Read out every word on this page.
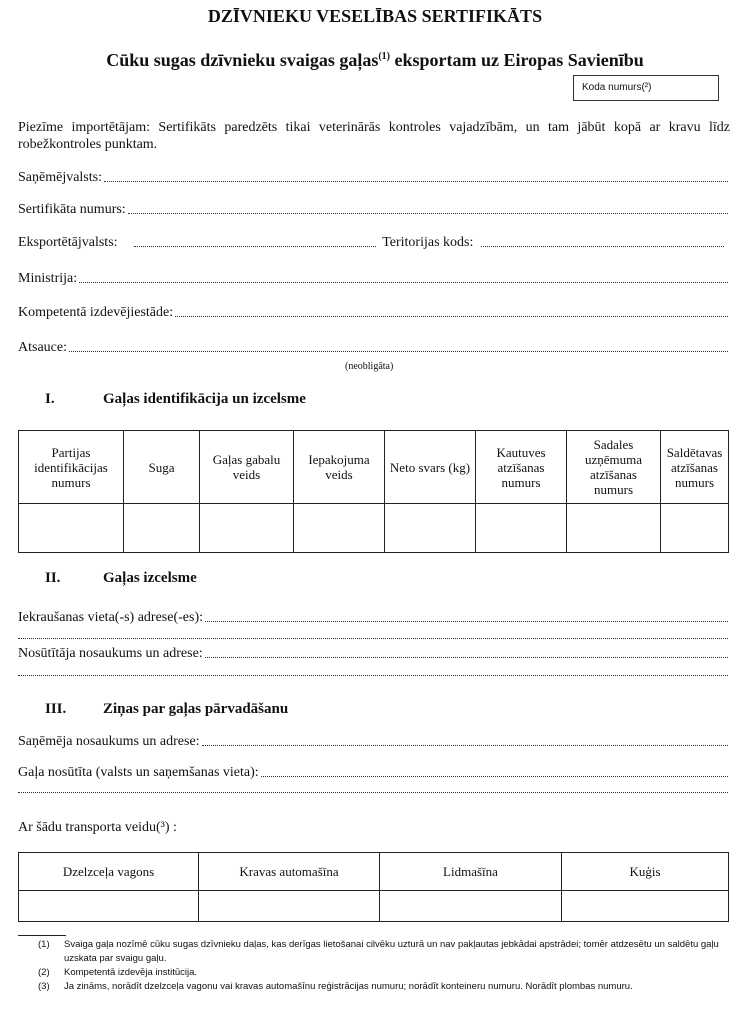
DZĪVNIEKU VESELĪBAS SERTIFIKĀTS
Cūku sugas dzīvnieku svaigas gaļas$^{(1)}$ eksportam uz Eiropas Savienību
Koda numurs(²)
Piezīme importētājam: Sertifikāts paredzēts tikai veterinārās kontroles vajadzībām, un tam jābūt kopā ar kravu līdz robežkontroles punktam.
Saņēmējvalsts:
Sertifikāta numurs:
Eksportētājvalsts:	Teritorijas kods:
Ministrija:
Kompetentā izdevējiestāde:
Atsauce:
(neobligāta)
I.	Gaļas identifikācija un izcelsme
Partijas identifikācijas numurs	Suga	Gaļas gabalu veids	Iepakojuma veids	Neto svars (kg)	Kautuves atzīšanas numurs	Sadales uzņēmuma atzīšanas numurs	Saldētavas atzīšanas numurs

II.	Gaļas izcelsme
Iekraušanas vieta(-s) adrese(-es):
Nosūtītāja nosaukums un adrese:
III. Ziņas par gaļas pārvadāšanu
Saņēmēja nosaukums un adrese:
Gaļa nosūtīta (valsts un saņemšanas vieta):
Ar šādu transporta veidu(³) :
Dzelzceļa vagons	Kravas automašīna	Lidmašīna	Kuģis

(1)	Svaiga gaļa nozīmē cūku sugas dzīvnieku daļas, kas derīgas lietošanai cilvēku uzturā un nav pakļautas jebkādai apstrādei; tomēr atdzesētu un saldētu gaļu uzskata par svaigu gaļu.
(2)	Kompetentā izdevēja institūcija.
(3)	Ja zināms, norādīt dzelzceļa vagonu vai kravas automašīnu reģistrācijas numuru; norādīt konteineru numuru. Norādīt plombas numuru.
